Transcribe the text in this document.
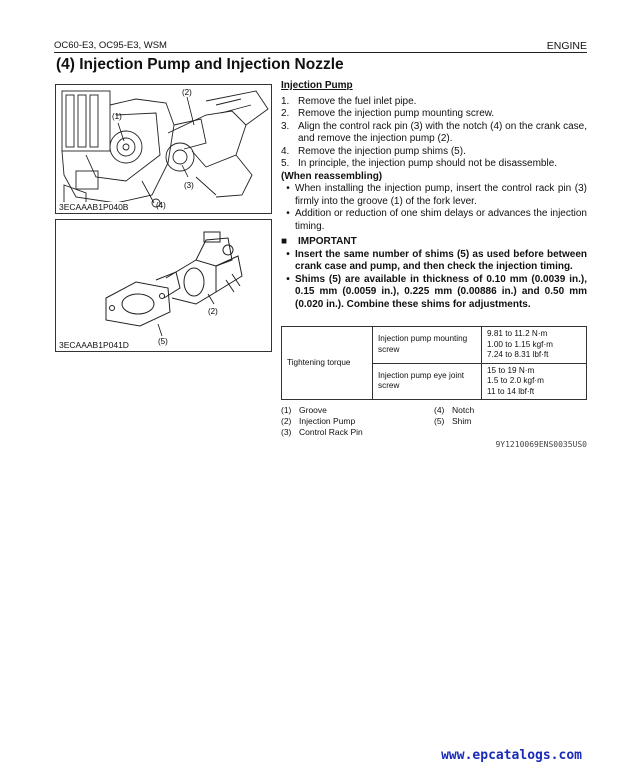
OC60-E3, OC95-E3, WSM	ENGINE
(4) Injection Pump and Injection Nozzle
(1)
(2)
(3)
(4)
3ECAAAB1P040B
(2)
(5)
3ECAAAB1P041D
Injection Pump
1. Remove the fuel inlet pipe.
2. Remove the injection pump mounting screw.
3. Align the control rack pin (3) with the notch (4) on the crank case, and remove the injection pump (2).
4. Remove the injection pump shims (5).
5. In principle, the injection pump should not be disassemble.
(When reassembling)
• When installing the injection pump, insert the control rack pin (3) firmly into the groove (1) of the fork lever.
• Addition or reduction of one shim delays or advances the injection timing.
■	IMPORTANT
• Insert the same number of shims (5) as used before between crank case and pump, and then check the injection timing.
• Shims (5) are available in thickness of 0.10 mm (0.0039 in.), 0.15 mm (0.0059 in.), 0.225 mm (0.00886 in.) and 0.50 mm (0.020 in.). Combine these shims for adjustments.
Tightening torque	Injection pump mounting screw	9.81 to 11.2 N·m
1.00 to 1.15 kgf·m
7.24 to 8.31 lbf·ft

	Injection pump eye joint screw	15 to 19 N·m
1.5 to 2.0 kgf·m
11 to 14 lbf·ft
(1) Groove
(2) Injection Pump
(3) Control Rack Pin
(4) Notch
(5) Shim
9Y1210069ENS0035US0
www.epcatalogs.com
